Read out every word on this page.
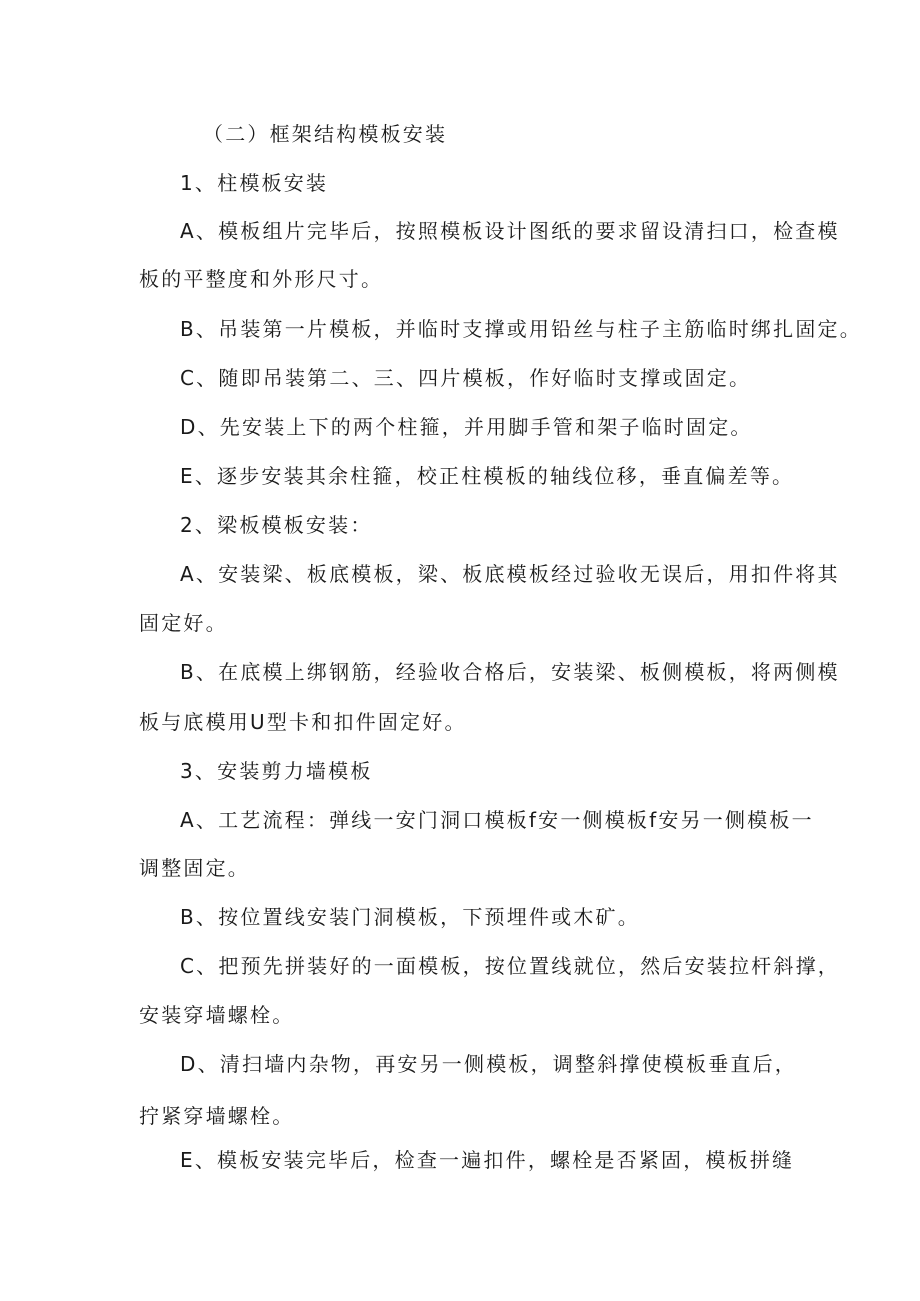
（二）框架结构模板安装
1、柱模板安装
A、模板组片完毕后，按照模板设计图纸的要求留设清扫口，检查模
板的平整度和外形尺寸。
B、吊装第一片模板，并临时支撑或用铅丝与柱子主筋临时绑扎固定。
C、随即吊装第二、三、四片模板，作好临时支撑或固定。
D、先安装上下的两个柱箍，并用脚手管和架子临时固定。
E、逐步安装其余柱箍，校正柱模板的轴线位移，垂直偏差等。
2、梁板模板安装：
A、安装梁、板底模板，梁、板底模板经过验收无误后，用扣件将其
固定好。
B、在底模上绑钢筋，经验收合格后，安装梁、板侧模板，将两侧模
板与底模用U型卡和扣件固定好。
3、安装剪力墙模板
A、工艺流程：弹线一安门洞口模板f安一侧模板f安另一侧模板一
调整固定。
B、按位置线安装门洞模板，下预埋件或木矿。
C、把预先拼装好的一面模板，按位置线就位，然后安装拉杆斜撑，
安装穿墙螺栓。
D、清扫墙内杂物，再安另一侧模板，调整斜撑使模板垂直后，
拧紧穿墙螺栓。
E、模板安装完毕后，检查一遍扣件，螺栓是否紧固，模板拼缝
